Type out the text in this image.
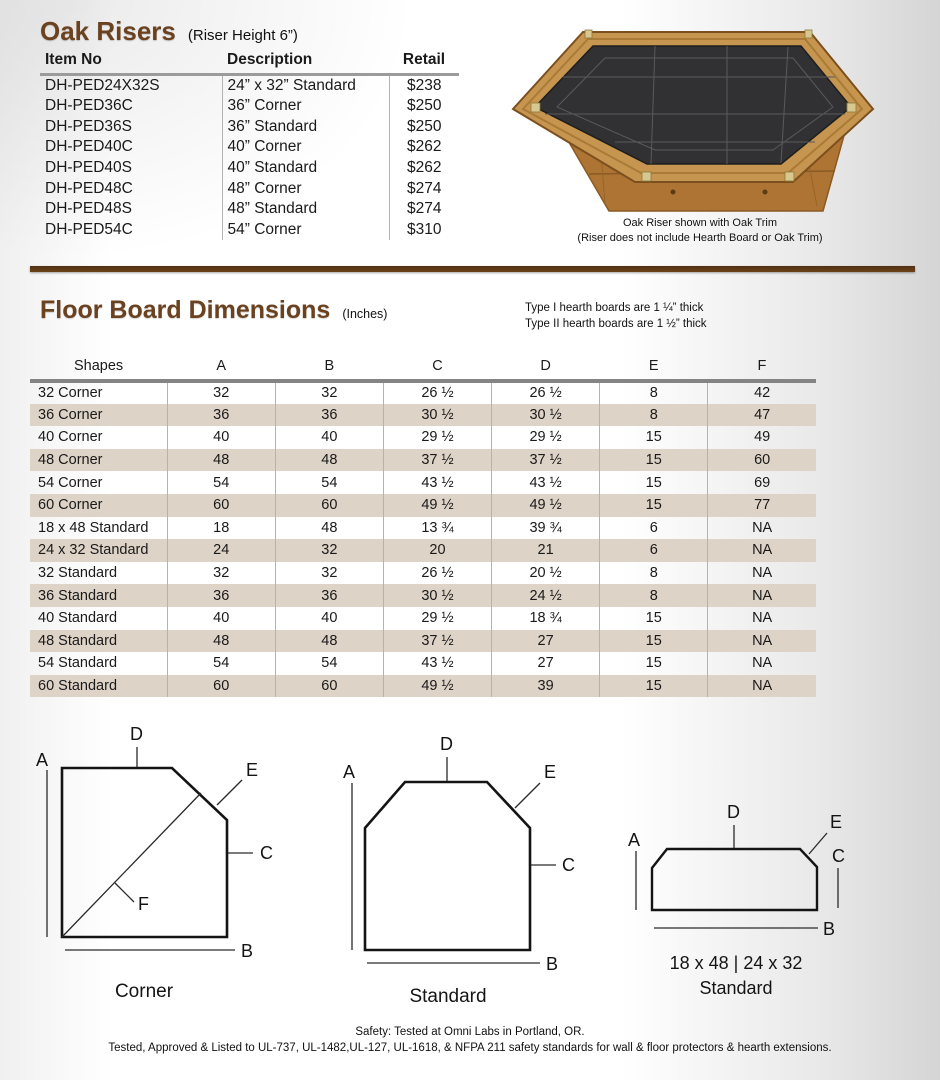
Oak Risers (Riser Height 6”)
Item No	Description	Retail
DH-PED24X32S	24” x 32” Standard	$238
DH-PED36C	36” Corner	$250
DH-PED36S	36” Standard	$250
DH-PED40C	40” Corner	$262
DH-PED40S	40” Standard	$262
DH-PED48C	48” Corner	$274
DH-PED48S	48” Standard	$274
DH-PED54C	54” Corner	$310	Oak Riser shown with Oak Trim
(Riser does not include Hearth Board or Oak Trim)
Floor Board Dimensions (Inches)	Type I hearth boards are 1 ¼” thick
Type II hearth boards are 1 ½” thick
Shapes	A	B	C	D	E	F
32 Corner	32	32	26 ½	26 ½	8	42
36 Corner	36	36	30 ½	30 ½	8	47
40 Corner	40	40	29 ½	29 ½	15	49
48 Corner	48	48	37 ½	37 ½	15	60
54 Corner	54	54	43 ½	43 ½	15	69
60 Corner	60	60	49 ½	49 ½	15	77
18 x 48 Standard	18	48	13 ¾	39 ¾	6	NA
24 x 32 Standard	24	32	20	21	6	NA
32 Standard	32	32	26 ½	20 ½	8	NA
36 Standard	36	36	30 ½	24 ½	8	NA
40 Standard	40	40	29 ½	18 ¾	15	NA
48 Standard	48	48	37 ½	27	15	NA
54 Standard	54	54	43 ½	27	15	NA
60 Standard	60	60	49 ½	39	15	NA
A
F
D
E
C
B
Corner
A
D
E
C
B
Standard
A
D	E
C
B
18 x 48 | 24 x 32
Standard
Safety: Tested at Omni Labs in Portland, OR.
Tested, Approved & Listed to UL-737, UL-1482,UL-127, UL-1618, & NFPA 211 safety standards for wall & floor protectors & hearth extensions.
